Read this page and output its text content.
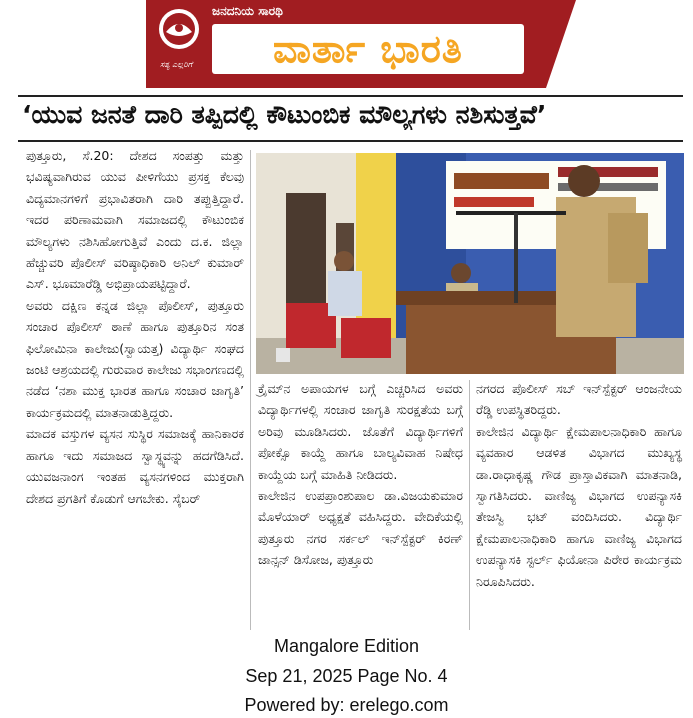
ಸತ್ಯ ಎಲ್ಲರಿಗೆ
ಜನದನಿಯ ಸಾರಥಿ
ವಾರ್ತಾ ಭಾರತಿ
‘ಯುವ ಜನತೆ ದಾರಿ ತಪ್ಪಿದಲ್ಲಿ ಕೌಟುಂಬಿಕ ಮೌಲ್ಯಗಳು ನಶಿಸುತ್ತವೆ’

ಪುತ್ತೂರು, ಸೆ.20: ದೇಶದ ಸಂಪತ್ತು ಮತ್ತು ಭವಿಷ್ಯವಾಗಿರುವ ಯುವ ಪೀಳಿಗೆಯು ಪ್ರಸಕ್ತ ಕೆಲವು ವಿದ್ಯಮಾನಗಳಿಗೆ ಪ್ರಭಾವಿತರಾಗಿ ದಾರಿ ತಪ್ಪುತ್ತಿದ್ದಾರೆ. ಇದರ ಪರಿಣಾಮವಾಗಿ ಸಮಾಜದಲ್ಲಿ ಕೌಟುಂಬಿಕ ಮೌಲ್ಯಗಳು ನಶಿಸಿಹೋಗುತ್ತಿವೆ ಎಂದು ದ.ಕ. ಜಿಲ್ಲಾ ಹೆಚ್ಚುವರಿ ಪೊಲೀಸ್ ವರಿಷ್ಠಾಧಿಕಾರಿ ಅನಿಲ್ ಕುಮಾರ್ ಎಸ್. ಭೂಮಾರೆಡ್ಡಿ ಅಭಿಪ್ರಾಯಪಟ್ಟಿದ್ದಾರೆ.

ಅವರು ದಕ್ಷಿಣ ಕನ್ನಡ ಜಿಲ್ಲಾ ಪೊಲೀಸ್, ಪುತ್ತೂರು ಸಂಚಾರ ಪೊಲೀಸ್ ಠಾಣೆ ಹಾಗೂ ಪುತ್ತೂರಿನ ಸಂತ ಫಿಲೋಮಿನಾ ಕಾಲೇಜು(ಸ್ವಾಯತ್ತ) ವಿದ್ಯಾರ್ಥಿ ಸಂಘದ ಜಂಟಿ ಆಶ್ರಯದಲ್ಲಿ ಗುರುವಾರ ಕಾಲೇಜು ಸಭಾಂಗಣದಲ್ಲಿ ನಡೆದ ‘ನಶಾ ಮುಕ್ತ ಭಾರತ ಹಾಗೂ ಸಂಚಾರ ಜಾಗೃತಿ’ ಕಾರ್ಯಕ್ರಮದಲ್ಲಿ ಮಾತನಾಡುತ್ತಿದ್ದರು.

ಮಾದಕ ವಸ್ತುಗಳ ವ್ಯಸನ ಸುಸ್ಥಿರ ಸಮಾಜಕ್ಕೆ ಹಾನಿಕಾರಕ ಹಾಗೂ ಇದು ಸಮಾಜದ ಸ್ವಾಸ್ಥ್ಯವನ್ನು ಹದಗೆಡಿಸಿದೆ. ಯುವಜನಾಂಗ ಇಂತಹ ವ್ಯಸನಗಳಿಂದ ಮುಕ್ತರಾಗಿ ದೇಶದ ಪ್ರಗತಿಗೆ ಕೊಡುಗೆ ಆಗಬೇಕು. ಸೈಬರ್

ಕ್ರೈಮ್‌ನ ಅಪಾಯಗಳ ಬಗ್ಗೆ ಎಚ್ಚರಿಸಿದ ಅವರು ವಿದ್ಯಾರ್ಥಿಗಳಲ್ಲಿ ಸಂಚಾರ ಜಾಗೃತಿ ಸುರಕ್ಷತೆಯ ಬಗ್ಗೆ ಅರಿವು ಮೂಡಿಸಿದರು. ಜೊತೆಗೆ ವಿದ್ಯಾರ್ಥಿಗಳಿಗೆ ಪೋಕ್ಸೊ ಕಾಯ್ದೆ ಹಾಗೂ ಬಾಲ್ಯವಿವಾಹ ನಿಷೇಧ ಕಾಯ್ದೆಯ ಬಗ್ಗೆ ಮಾಹಿತಿ ನೀಡಿದರು.

ಕಾಲೇಜಿನ ಉಪಪ್ರಾಂಶುಪಾಲ ಡಾ.ವಿಜಯಕುಮಾರ ಮೊಳೆಯಾರ್ ಅಧ್ಯಕ್ಷತೆ ವಹಿಸಿದ್ದರು. ವೇದಿಕೆಯಲ್ಲಿ ಪುತ್ತೂರು ನಗರ ಸರ್ಕಲ್ ಇನ್‌ಸ್ಪೆಕ್ಟರ್ ಕಿರಣ್ ಜಾನ್ಸನ್ ಡಿಸೋಜ, ಪುತ್ತೂರು

ನಗರದ ಪೊಲೀಸ್ ಸಬ್ ಇನ್‌ಸ್ಪೆಕ್ಟರ್ ಆಂಜನೇಯ ರೆಡ್ಡಿ ಉಪಸ್ಥಿತರಿದ್ದರು.

ಕಾಲೇಜಿನ ವಿದ್ಯಾರ್ಥಿ ಕ್ಷೇಮಪಾಲನಾಧಿಕಾರಿ ಹಾಗೂ ವ್ಯವಹಾರ ಆಡಳಿತ ವಿಭಾಗದ ಮುಖ್ಯಸ್ಥ ಡಾ.ರಾಧಾಕೃಷ್ಣ ಗೌಡ ಪ್ರಾಸ್ತಾವಿಕವಾಗಿ ಮಾತನಾಡಿ, ಸ್ವಾಗತಿಸಿದರು. ವಾಣಿಜ್ಯ ವಿಭಾಗದ ಉಪನ್ಯಾಸಕಿ ತೇಜಸ್ವಿ ಭಟ್ ವಂದಿಸಿದರು. ವಿದ್ಯಾರ್ಥಿ ಕ್ಷೇಮಪಾಲನಾಧಿಕಾರಿ ಹಾಗೂ ವಾಣಿಜ್ಯ ವಿಭಾಗದ ಉಪನ್ಯಾಸಕಿ ಸ್ಟರ್ಲ್ ಫಿಯೋನಾ ಪಿರೇರ ಕಾರ್ಯಕ್ರಮ ನಿರೂಪಿಸಿದರು.

Mangalore Edition
Sep 21, 2025 Page No. 4
Powered by: erelego.com
